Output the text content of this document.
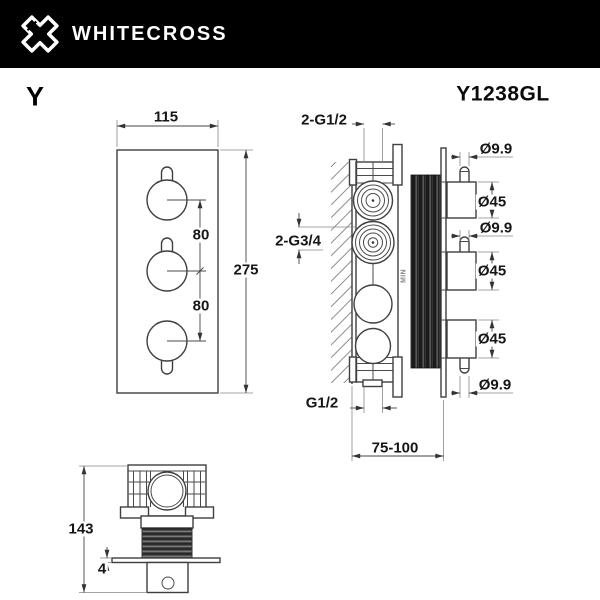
WHITECROSS
Y	Y1238GL
115
275
80
80
2-G1/2
2-G3/4
G1/2
75-100
MIN
Ø9.9
Ø45
Ø9.9
Ø45
Ø45
Ø9.9
143
4
